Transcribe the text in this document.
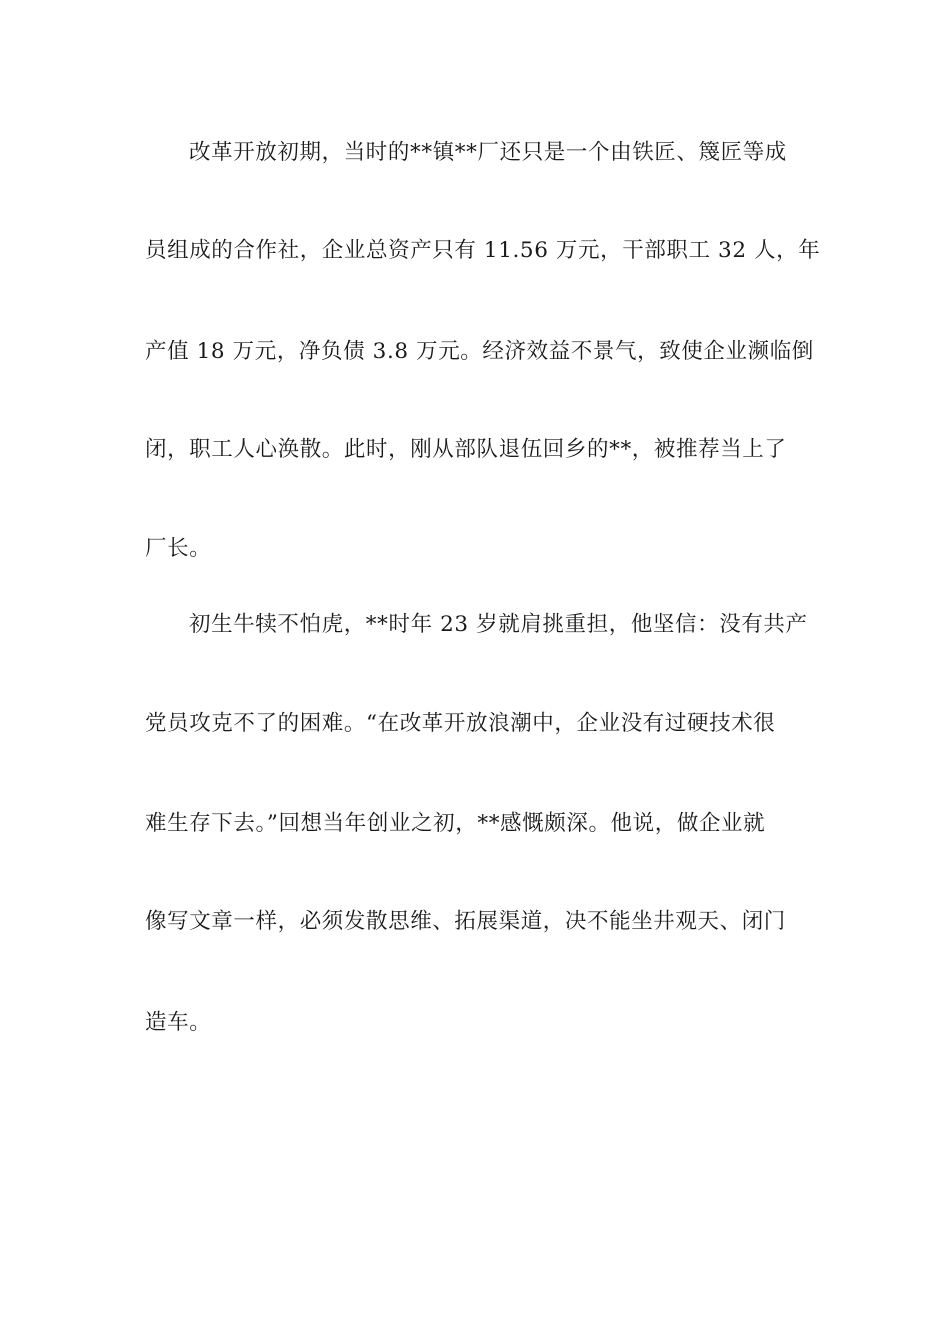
改革开放初期，当时的**镇**厂还只是一个由铁匠、篾匠等成
员组成的合作社，企业总资产只有 11.56 万元，干部职工 32 人，年
产值 18 万元，净负债 3.8 万元。经济效益不景气，致使企业濒临倒
闭，职工人心涣散。此时，刚从部队退伍回乡的**，被推荐当上了
厂长。
初生牛犊不怕虎，**时年 23 岁就肩挑重担，他坚信：没有共产
党员攻克不了的困难。“在改革开放浪潮中，企业没有过硬技术很
难生存下去。”回想当年创业之初，**感慨颇深。他说，做企业就
像写文章一样，必须发散思维、拓展渠道，决不能坐井观天、闭门
造车。
